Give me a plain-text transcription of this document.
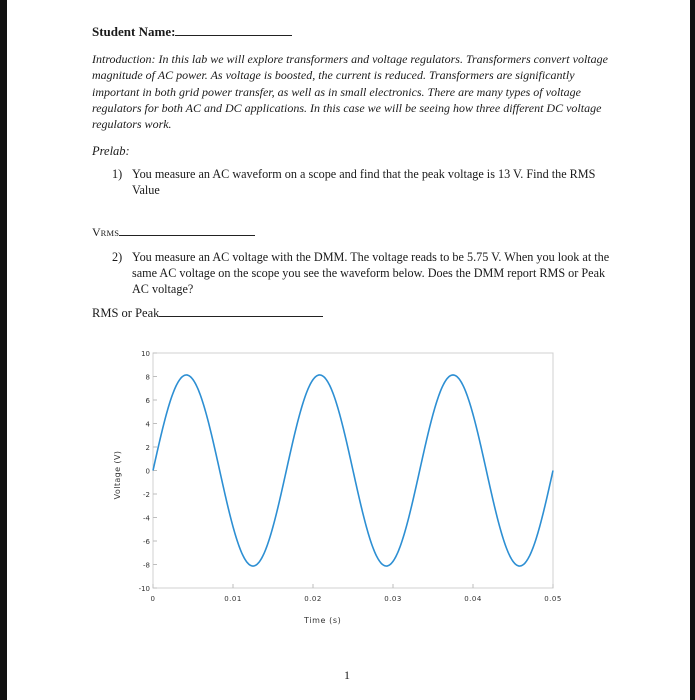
Student Name:

Introduction: In this lab we will explore transformers and voltage regulators. Transformers convert voltage magnitude of AC power. As voltage is boosted, the current is reduced. Transformers are significantly important in both grid power transfer, as well as in small electronics. There are many types of voltage regulators for both AC and DC applications. In this case we will be seeing how three different DC voltage regulators work.

Prelab:

1) You measure an AC waveform on a scope and find that the peak voltage is 13 V. Find the RMS Value

VRMS

2) You measure an AC voltage with the DMM. The voltage reads to be 5.75 V. When you look at the same AC voltage on the scope you see the waveform below. Does the DMM report RMS or Peak AC voltage?

RMS or Peak

10
8
6
4
2
0
-2
-4
-6
-8
-10
0	0.01	0.02	0.03	0.04	0.05
Time (s)
Voltage (V)

1
